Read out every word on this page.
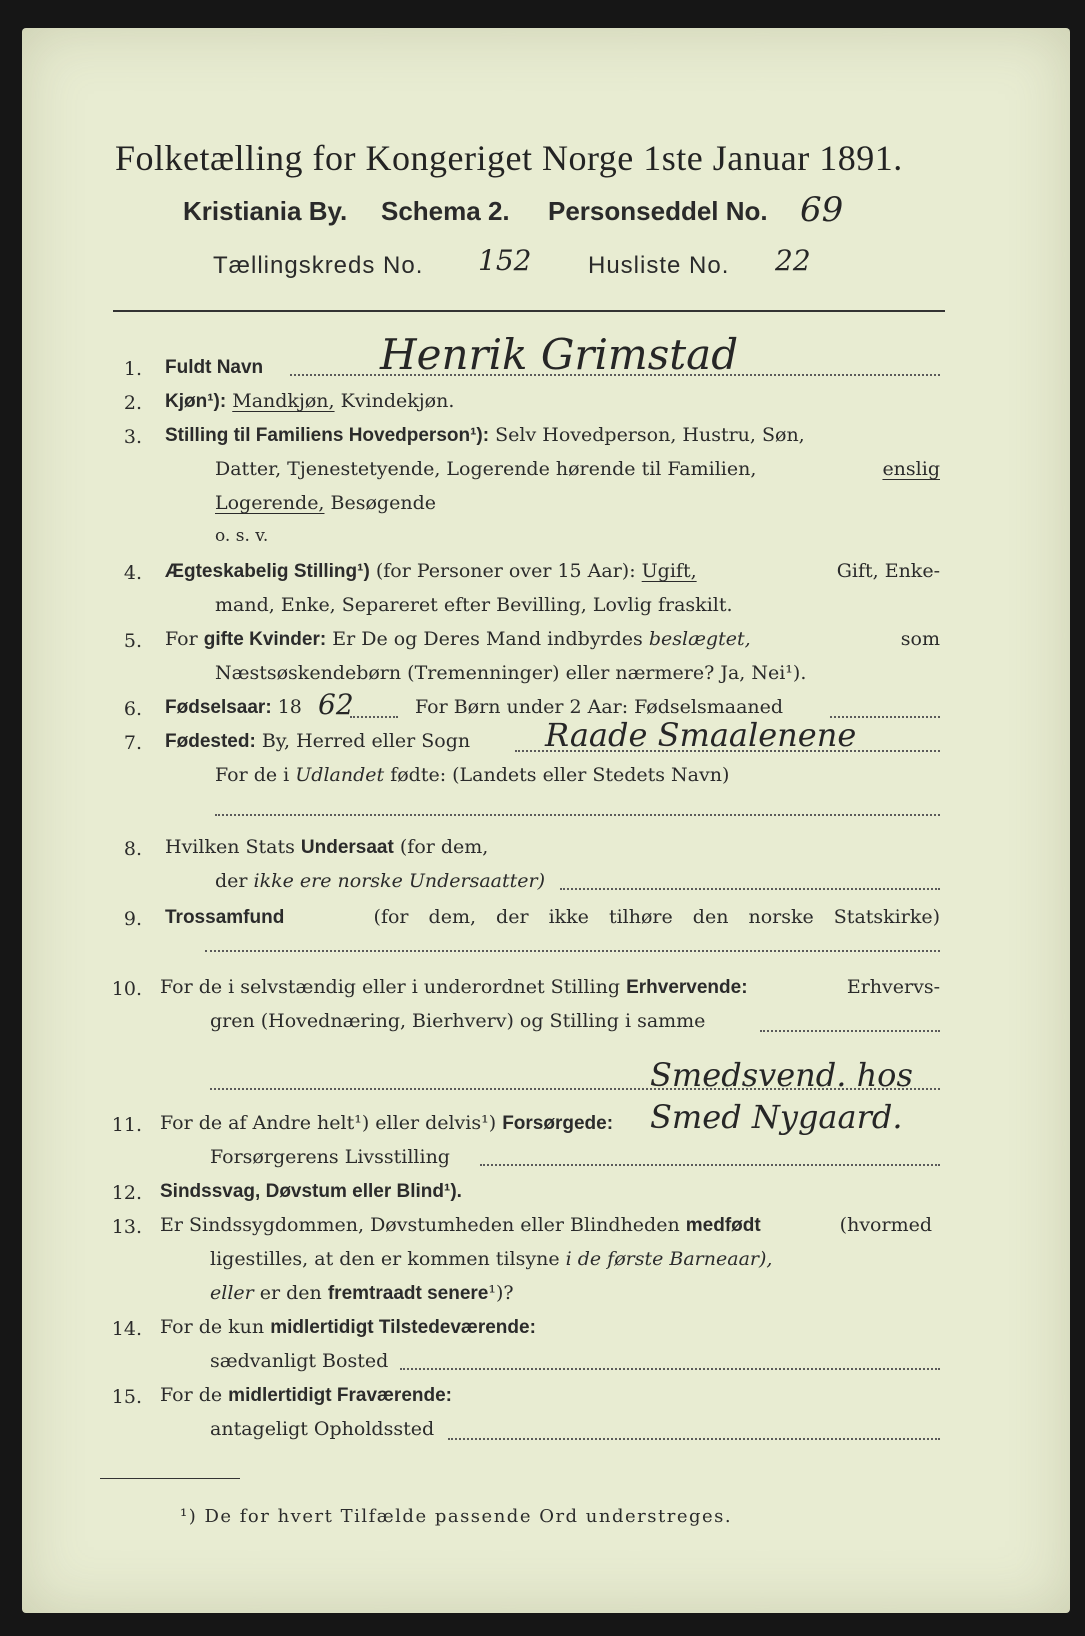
Folketælling for Kongeriget Norge 1ste Januar 1891.
Kristiania By. Schema 2. Personseddel No. 69
Tællingskreds No. 152 Husliste No. 22
1. Fuldt Navn	Henrik Grimstad
2. Kjøn¹): Mandkjøn, Kvindekjøn.
3. Stilling til Familiens Hovedperson¹): Selv Hovedperson, Hustru, Søn,
Datter, Tjenestetyende, Logerende hørende til Familien,	enslig
Logerende, Besøgende
o. s. v.
4. Ægteskabelig Stilling¹) (for Personer over 15 Aar): Ugift,	Gift, Enke-
mand, Enke, Separeret efter Bevilling, Lovlig fraskilt.
5. For gifte Kvinder: Er De og Deres Mand indbyrdes beslægtet,	som
Næstsøskendebørn (Tremenninger) eller nærmere? Ja, Nei¹).
6. Fødselsaar: 18 62	For Børn under 2 Aar: Fødselsmaaned
7. Fødested: By, Herred eller Sogn Raade Smaalenene
For de i Udlandet fødte: (Landets eller Stedets Navn)
8. Hvilken Stats Undersaat (for dem,
der ikke ere norske Undersaatter)
9. Trossamfund	(for dem, der ikke tilhøre den norske Statskirke)
10. For de i selvstændig eller i underordnet Stilling Erhvervende:	Erhvervs-
gren (Hovednæring, Bierhverv) og Stilling i samme
Smedsvend. hos
11. For de af Andre helt¹) eller delvis¹) Forsørgede: Smed Nygaard.
Forsørgerens Livsstilling
12. Sindssvag, Døvstum eller Blind¹).
13. Er Sindssygdommen, Døvstumheden eller Blindheden medfødt	(hvormed
ligestilles, at den er kommen tilsyne i de første Barneaar),
eller er den fremtraadt senere¹)?
14. For de kun midlertidigt Tilstedeværende:
sædvanligt Bosted
15. For de midlertidigt Fraværende:
antageligt Opholdssted
¹) De for hvert Tilfælde passende Ord understreges.
